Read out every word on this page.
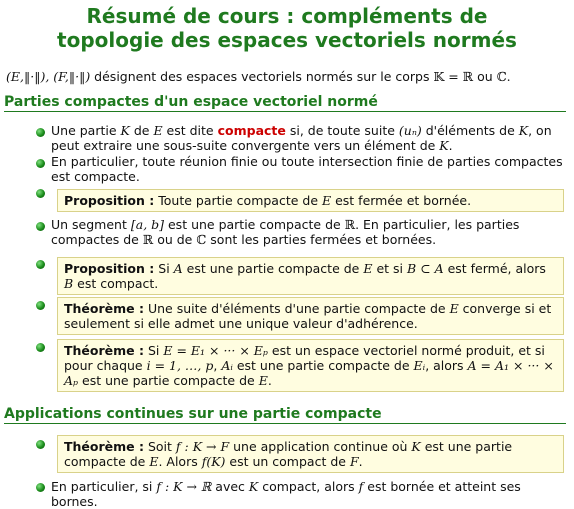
Résumé de cours : compléments de
topologie des espaces vectoriels normés
(E,‖·‖), (F,‖·‖) désignent des espaces vectoriels normés sur le corps 𝕂 = ℝ ou ℂ.
Parties compactes d'un espace vectoriel normé
Une partie K de E est dite compacte si, de toute suite (uₙ) d'éléments de K, on peut extraire une sous-suite convergente vers un élément de K.
En particulier, toute réunion finie ou toute intersection finie de parties compactes est compacte.
Proposition : Toute partie compacte de E est fermée et bornée.
Un segment [a, b] est une partie compacte de ℝ. En particulier, les parties compactes de ℝ ou de ℂ sont les parties fermées et bornées.
Proposition : Si A est une partie compacte de E et si B ⊂ A est fermé, alors B est compact.
Théorème : Une suite d'éléments d'une partie compacte de E converge si et seulement si elle admet une unique valeur d'adhérence.
Théorème : Si E = E₁ × ··· × Eₚ est un espace vectoriel normé produit, et si pour chaque i = 1, …, p, Aᵢ est une partie compacte de Eᵢ, alors A = A₁ × ··· × Aₚ est une partie compacte de E.
Applications continues sur une partie compacte
Théorème : Soit f : K → F une application continue où K est une partie compacte de E. Alors f(K) est un compact de F.
En particulier, si f : K → ℝ avec K compact, alors f est bornée et atteint ses bornes.
